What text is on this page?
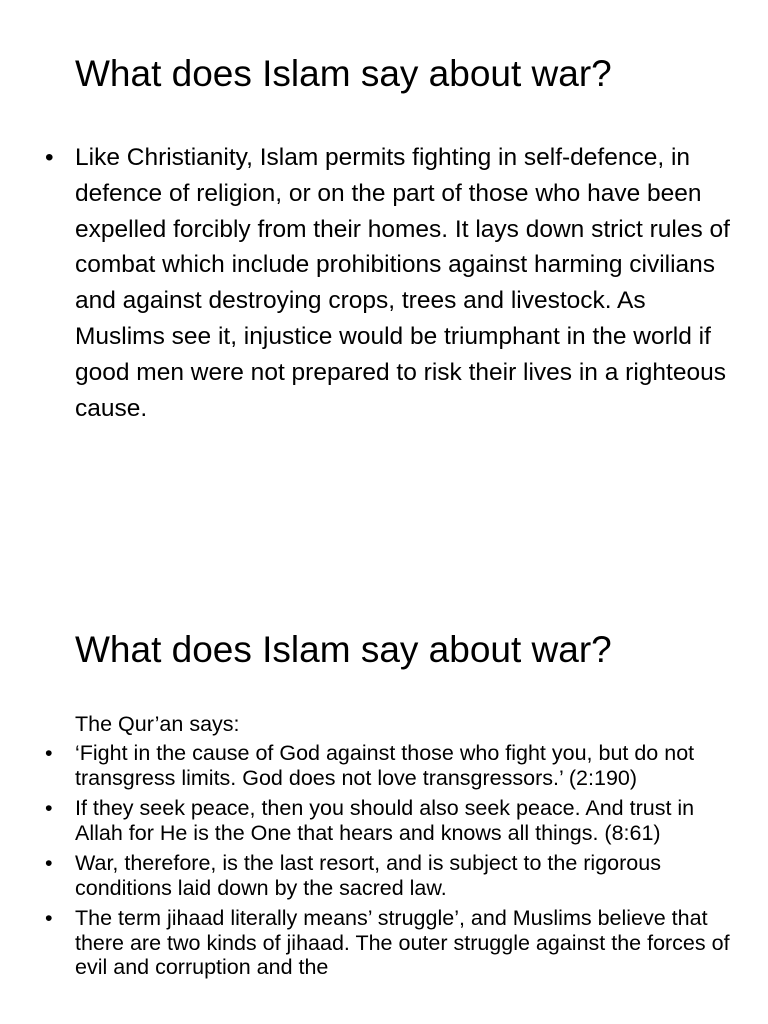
What does Islam say about war?
• Like Christianity, Islam permits fighting in self-defence, in defence of religion, or on the part of those who have been expelled forcibly from their homes. It lays down strict rules of combat which include prohibitions against harming civilians and against destroying crops, trees and livestock. As Muslims see it, injustice would be triumphant in the world if good men were not prepared to risk their lives in a righteous cause.
What does Islam say about war?

The Qur’an says:

• ‘Fight in the cause of God against those who fight you, but do not transgress limits. God does not love transgressors.’ (2:190)
• If they seek peace, then you should also seek peace. And trust in Allah for He is the One that hears and knows all things. (8:61)
• War, therefore, is the last resort, and is subject to the rigorous conditions laid down by the sacred law.
• The term jihaad literally means’ struggle’, and Muslims believe that there are two kinds of jihaad. The outer struggle against the forces of evil and corruption and the
